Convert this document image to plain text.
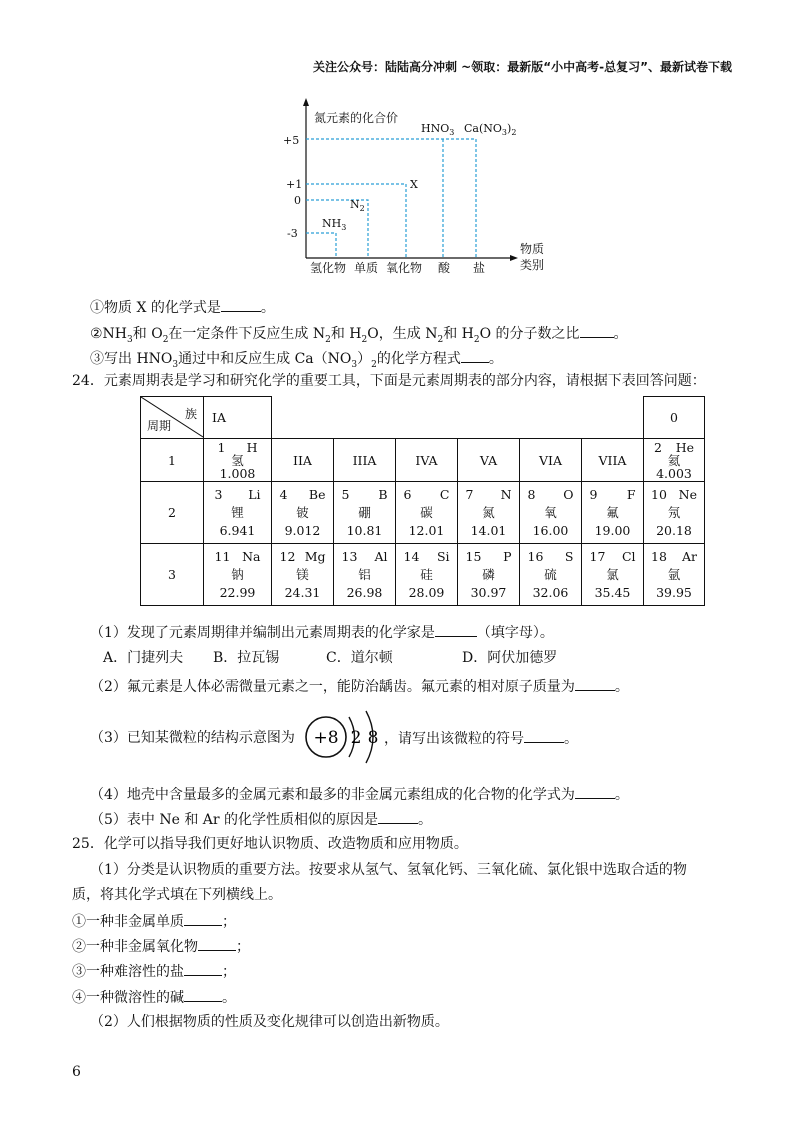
关注公众号：陆陆高分冲刺 ~领取：最新版“小中高考-总复习”、最新试卷下载
氮元素的化合价
+5
+1
0
-3
物质
类别
氢化物 单质 氧化物 酸 盐
$NH_3$
$N_2$
X
$HNO_3$ $Ca(NO_3)_2$
①物质 X 的化学式是	。
$②NH_3$和 $O_2$在一定条件下反应生成 $N_2$和 $H_2O$，生成 $N_2$和 $H_2O$ 的分子数之比 。
③写出 $HNO_3$通过中和反应生成 $Ca(NO_3)_2$的化学方程式 。
24．元素周期表是学习和研究化学的重要工具，下面是元素周期表的部分内容，请根据下表回答问题：
族
周期	IA							0
1	1 H
氢
1.008	IIA	IIIA	IVA	VA	VIA	VIIA	2 He
氦
4.003

2	3 Li
锂
6.941	4 Be
铍
9.012	5 B
硼
10.81	6 C
碳
12.01	7 N
氮
14.01	8 O
氧
16.00	9 F
氟
19.00	10 Ne
氖
20.18

3	11 Na
钠
22.99	12 Mg
镁
24.31	13 Al
铝
26.98	14 Si
硅
28.09	15 P
磷
30.97	16 S
硫
32.06	17 Cl
氯
35.45	18 Ar
氩
39.95
（1）发现了元素周期律并编制出元素周期表的化学家是	（填字母）。
A．门捷列夫 B．拉瓦锡	C．道尔顿	D．阿伏加德罗
（2）氟元素是人体必需微量元素之一，能防治龋齿。氟元素的相对原子质量为	。
（3）已知某微粒的结构示意图为 +8 2 8 ，请写出该微粒的符号	。
（4）地壳中含量最多的金属元素和最多的非金属元素组成的化合物的化学式为	。
（5）表中 Ne 和 Ar 的化学性质相似的原因是	。
25．化学可以指导我们更好地认识物质、改造物质和应用物质。
（1）分类是认识物质的重要方法。按要求从氢气、氢氧化钙、三氧化硫、氯化银中选取合适的物
质，将其化学式填在下列横线上。
①一种非金属单质	；
②一种非金属氧化物	；
③一种难溶性的盐	；
④一种微溶性的碱	。
（2）人们根据物质的性质及变化规律可以创造出新物质。
6
